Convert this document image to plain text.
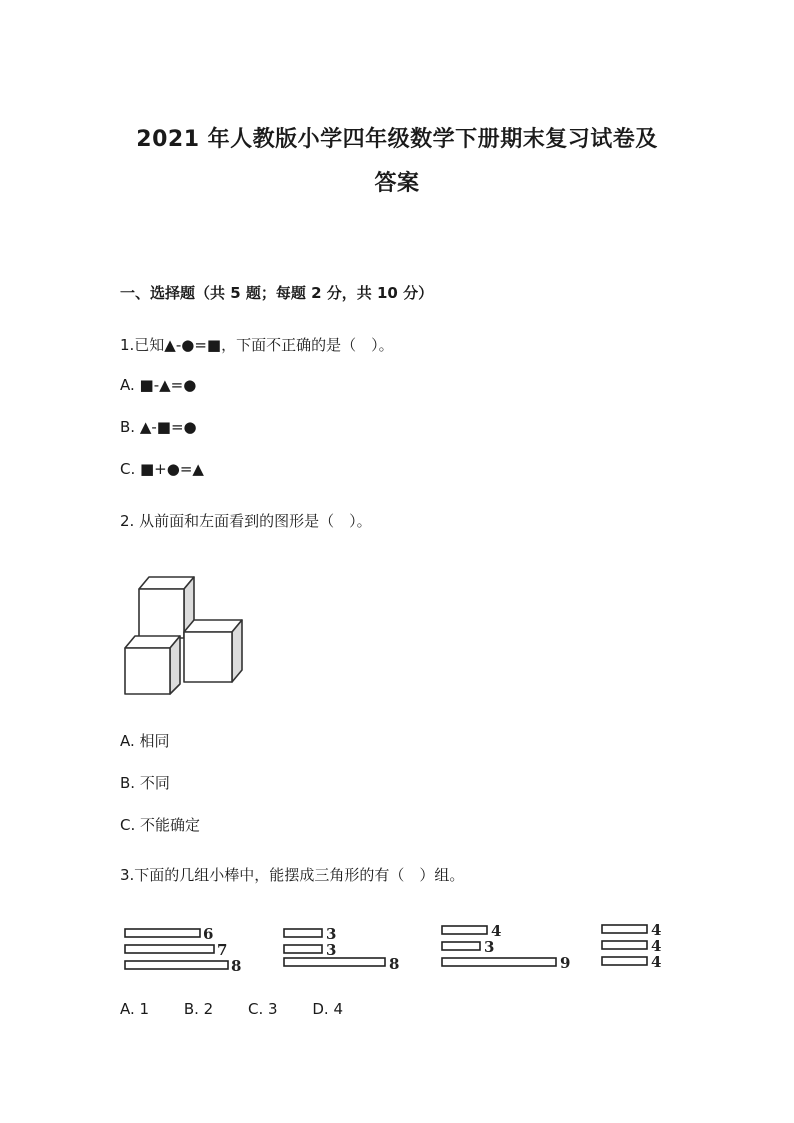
2021 年人教版小学四年级数学下册期末复习试卷及
答案
一、选择题（共 5 题；每题 2 分，共 10 分）
1.已知▲-●=■，下面不正确的是（　）。
A. ■-▲=●
B. ▲-■=●
C. ■+●=▲
2. 从前面和左面看到的图形是（　）。
A. 相同
B. 不同
C. 不能确定
3.下面的几组小棒中，能摆成三角形的有（　）组。
6
7
8
3
3
8
4
3
9
4
4
4
A. 1 B. 2 C. 3 D. 4
